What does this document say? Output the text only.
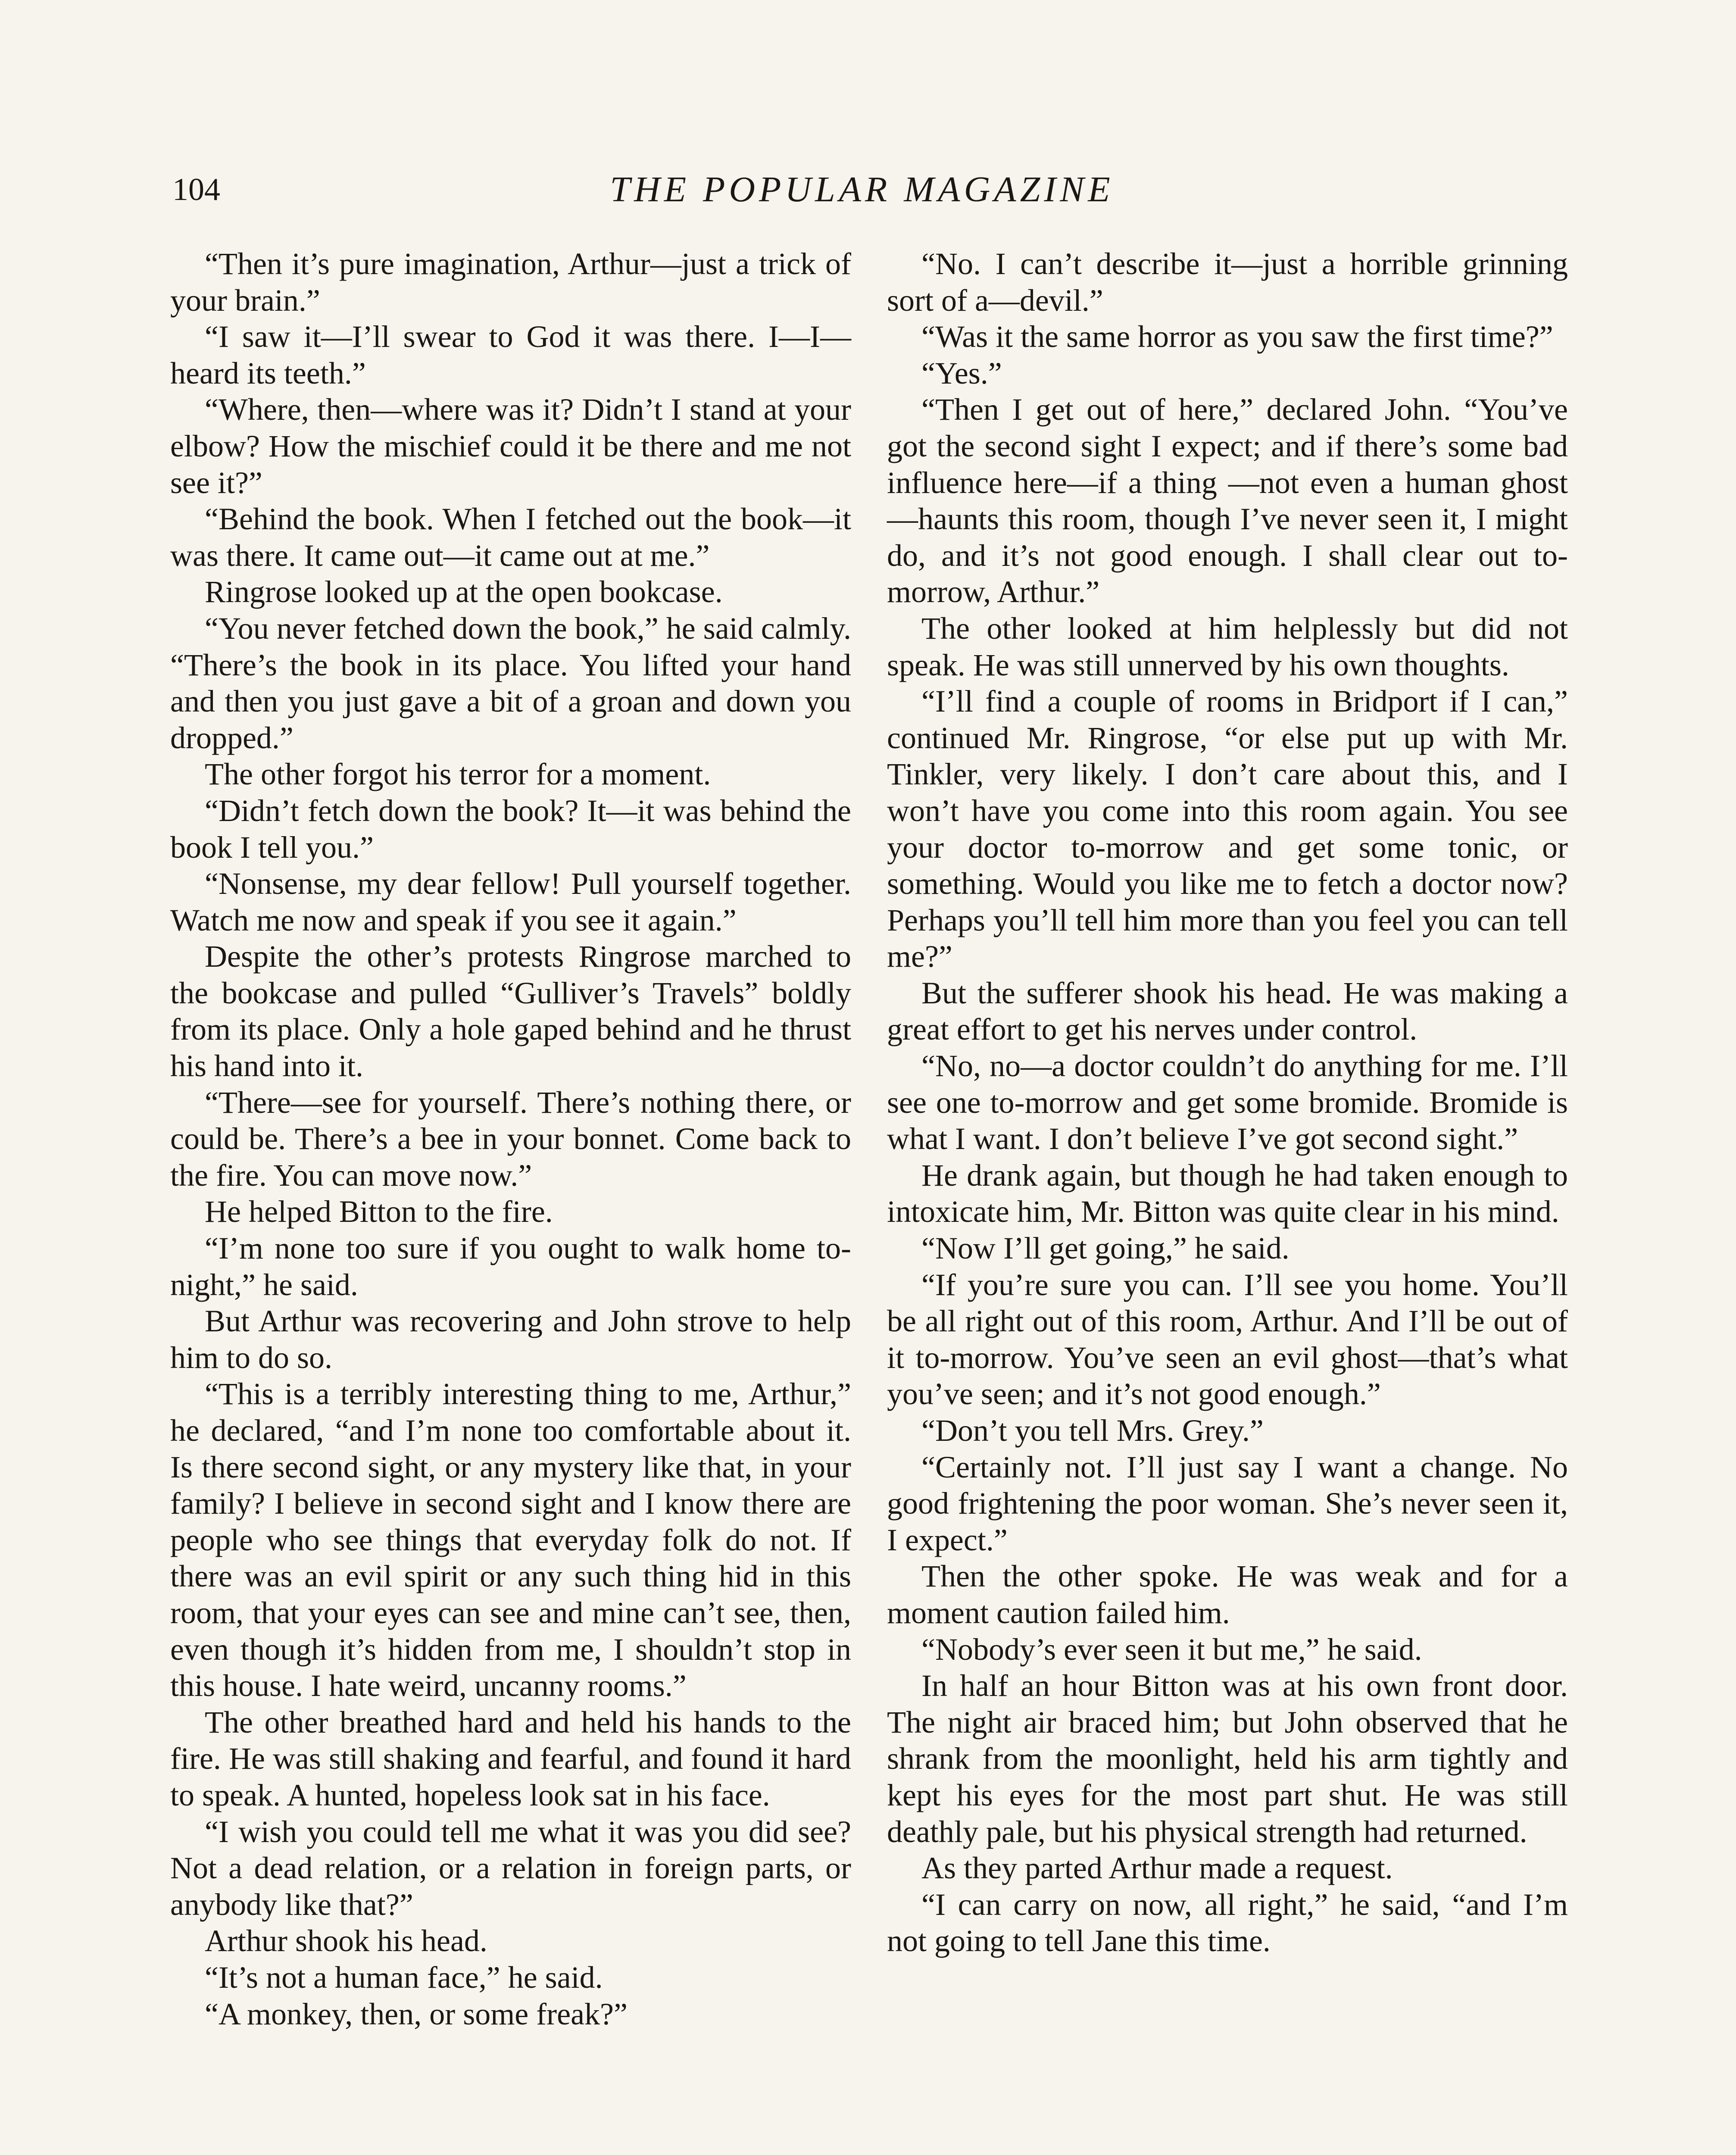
104	THE POPULAR MAGAZINE

“Then it’s pure imagination, Arthur—just a trick of your brain.”

“I saw it—I’ll swear to God it was there. I—I—heard its teeth.”

“Where, then—where was it? Didn’t I stand at your elbow? How the mischief could it be there and me not see it?”

“Behind the book. When I fetched out the book—it was there. It came out—it came out at me.”

Ringrose looked up at the open bookcase.

“You never fetched down the book,” he said calmly. “There’s the book in its place. You lifted your hand and then you just gave a bit of a groan and down you dropped.”

The other forgot his terror for a moment.

“Didn’t fetch down the book? It—it was behind the book I tell you.”

“Nonsense, my dear fellow! Pull yourself together. Watch me now and speak if you see it again.”

Despite the other’s protests Ringrose marched to the bookcase and pulled “Gulliver’s Travels” boldly from its place. Only a hole gaped behind and he thrust his hand into it.

“There—see for yourself. There’s nothing there, or could be. There’s a bee in your bonnet. Come back to the fire. You can move now.”

He helped Bitton to the fire.

“I’m none too sure if you ought to walk home to-night,” he said.

But Arthur was recovering and John strove to help him to do so.

“This is a terribly interesting thing to me, Arthur,” he declared, “and I’m none too comfortable about it. Is there second sight, or any mystery like that, in your family? I believe in second sight and I know there are people who see things that everyday folk do not. If there was an evil spirit or any such thing hid in this room, that your eyes can see and mine can’t see, then, even though it’s hidden from me, I shouldn’t stop in this house. I hate weird, uncanny rooms.”

The other breathed hard and held his hands to the fire. He was still shaking and fearful, and found it hard to speak. A hunted, hopeless look sat in his face.

“I wish you could tell me what it was you did see? Not a dead relation, or a relation in foreign parts, or anybody like that?”

Arthur shook his head.

“It’s not a human face,” he said.

“A monkey, then, or some freak?”

“No. I can’t describe it—just a horrible grinning sort of a—devil.”

“Was it the same horror as you saw the first time?”

“Yes.”

“Then I get out of here,” declared John. “You’ve got the second sight I expect; and if there’s some bad influence here—if a thing —not even a human ghost—haunts this room, though I’ve never seen it, I might do, and it’s not good enough. I shall clear out to-morrow, Arthur.”

The other looked at him helplessly but did not speak. He was still unnerved by his own thoughts.

“I’ll find a couple of rooms in Bridport if I can,” continued Mr. Ringrose, “or else put up with Mr. Tinkler, very likely. I don’t care about this, and I won’t have you come into this room again. You see your doctor to-morrow and get some tonic, or something. Would you like me to fetch a doctor now? Perhaps you’ll tell him more than you feel you can tell me?”

But the sufferer shook his head. He was making a great effort to get his nerves under control.

“No, no—a doctor couldn’t do anything for me. I’ll see one to-morrow and get some bromide. Bromide is what I want. I don’t believe I’ve got second sight.”

He drank again, but though he had taken enough to intoxicate him, Mr. Bitton was quite clear in his mind.

“Now I’ll get going,” he said.

“If you’re sure you can. I’ll see you home. You’ll be all right out of this room, Arthur. And I’ll be out of it to-morrow. You’ve seen an evil ghost—that’s what you’ve seen; and it’s not good enough.”

“Don’t you tell Mrs. Grey.”

“Certainly not. I’ll just say I want a change. No good frightening the poor woman. She’s never seen it, I expect.”

Then the other spoke. He was weak and for a moment caution failed him.

“Nobody’s ever seen it but me,” he said.

In half an hour Bitton was at his own front door. The night air braced him; but John observed that he shrank from the moonlight, held his arm tightly and kept his eyes for the most part shut. He was still deathly pale, but his physical strength had returned.

As they parted Arthur made a request.

“I can carry on now, all right,” he said, “and I’m not going to tell Jane this time.
